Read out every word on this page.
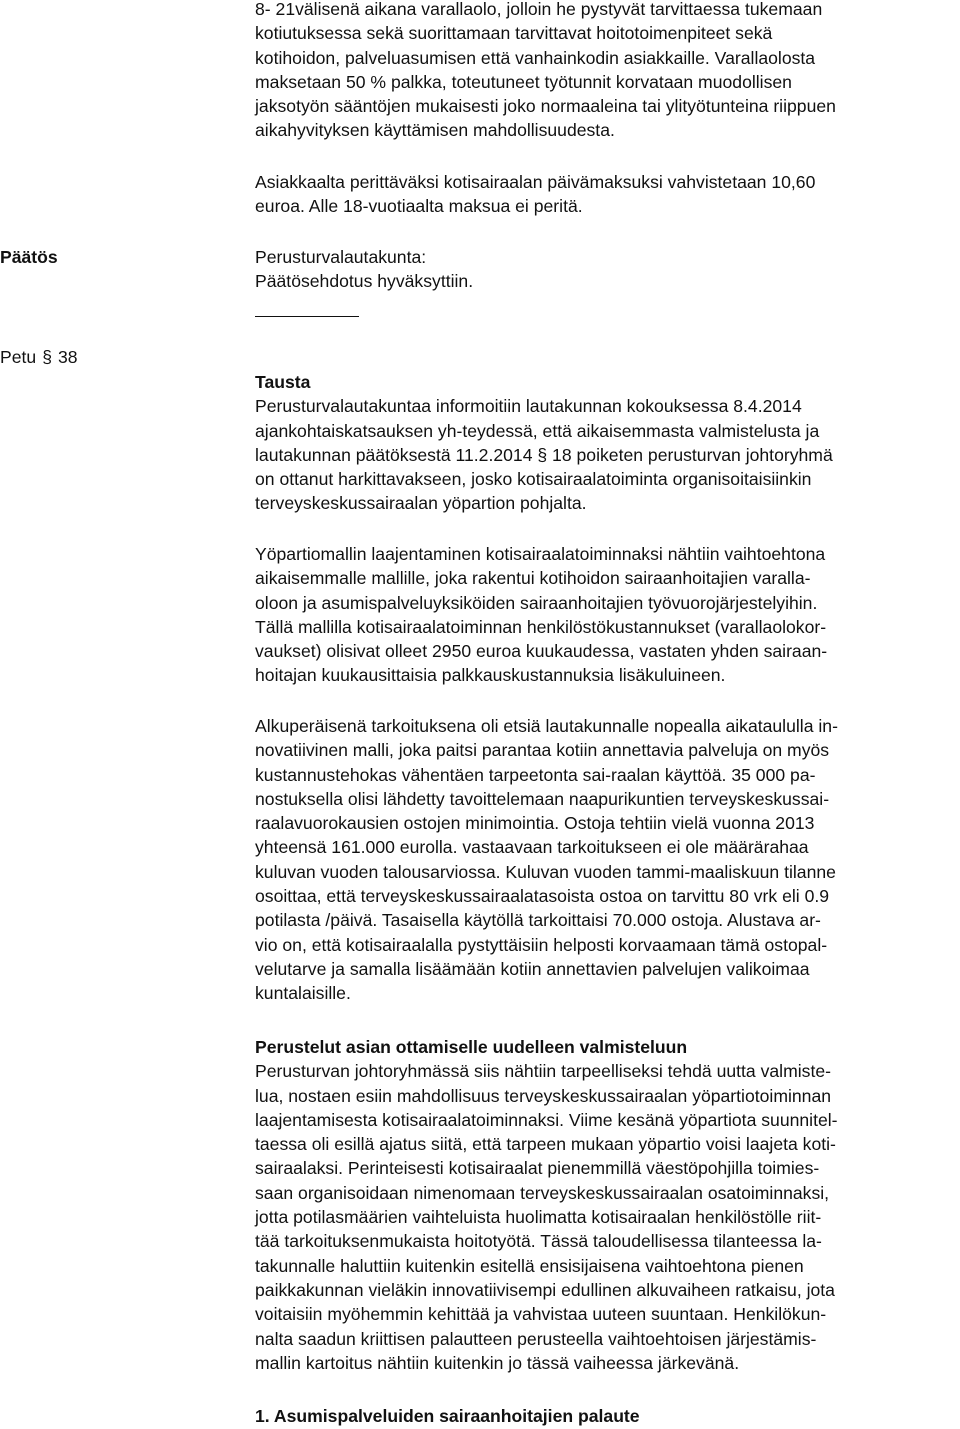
8- 21välisenä aikana varallaolo, jolloin he pystyvät tarvittaessa tukemaan
kotiutuksessa sekä suorittamaan tarvittavat hoitotoimenpiteet sekä
kotihoidon, palveluasumisen että vanhainkodin asiakkaille. Varallaolosta
maksetaan 50 % palkka, toteutuneet työtunnit korvataan muodollisen
jaksotyön sääntöjen mukaisesti joko normaaleina tai ylityötunteina riippuen
aikahyvityksen käyttämisen mahdollisuudesta.
Asiakkaalta perittäväksi kotisairaalan päivämaksuksi vahvistetaan 10,60
euroa. Alle 18-vuotiaalta maksua ei peritä.
Päätös	Perusturvalautakunta:
Päätösehdotus hyväksyttiin.
Petu § 38
Tausta
Perusturvalautakuntaa informoitiin lautakunnan kokouksessa 8.4.2014
ajankohtaiskatsauksen yh-teydessä, että aikaisemmasta valmistelusta ja
lautakunnan päätöksestä 11.2.2014 § 18 poiketen perusturvan johtoryhmä
on ottanut harkittavakseen, josko kotisairaalatoiminta organisoitaisiinkin
terveyskeskussairaalan yöpartion pohjalta.
Yöpartiomallin laajentaminen kotisairaalatoiminnaksi nähtiin vaihtoehtona
aikaisemmalle mallille, joka rakentui kotihoidon sairaanhoitajien varalla-
oloon ja asumispalveluyksiköiden sairaanhoitajien työvuorojärjestelyihin.
Tällä mallilla kotisairaalatoiminnan henkilöstökustannukset (varallaolokor-
vaukset) olisivat olleet 2950 euroa kuukaudessa, vastaten yhden sairaan-
hoitajan kuukausittaisia palkkauskustannuksia lisäkuluineen.
Alkuperäisenä tarkoituksena oli etsiä lautakunnalle nopealla aikataululla in-
novatiivinen malli, joka paitsi parantaa kotiin annettavia palveluja on myös
kustannustehokas vähentäen tarpeetonta sai-raalan käyttöä. 35 000 pa-
nostuksella olisi lähdetty tavoittelemaan naapurikuntien terveyskeskussai-
raalavuorokausien ostojen minimointia. Ostoja tehtiin vielä vuonna 2013
yhteensä 161.000 eurolla. vastaavaan tarkoitukseen ei ole määrärahaa
kuluvan vuoden talousarviossa. Kuluvan vuoden tammi-maaliskuun tilanne
osoittaa, että terveyskeskussairaalatasoista ostoa on tarvittu 80 vrk eli 0.9
potilasta /päivä. Tasaisella käytöllä tarkoittaisi 70.000 ostoja. Alustava ar-
vio on, että kotisairaalalla pystyttäisiin helposti korvaamaan tämä ostopal-
velutarve ja samalla lisäämään kotiin annettavien palvelujen valikoimaa
kuntalaisille.
Perustelut asian ottamiselle uudelleen valmisteluun
Perusturvan johtoryhmässä siis nähtiin tarpeelliseksi tehdä uutta valmiste-
lua, nostaen esiin mahdollisuus terveyskeskussairaalan yöpartiotoiminnan
laajentamisesta kotisairaalatoiminnaksi. Viime kesänä yöpartiota suunnitel-
taessa oli esillä ajatus siitä, että tarpeen mukaan yöpartio voisi laajeta koti-
sairaalaksi. Perinteisesti kotisairaalat pienemmillä väestöpohjilla toimies-
saan organisoidaan nimenomaan terveyskeskussairaalan osatoiminnaksi,
jotta potilasmäärien vaihteluista huolimatta kotisairaalan henkilöstölle riit-
tää tarkoituksenmukaista hoitotyötä. Tässä taloudellisessa tilanteessa la-
takunnalle haluttiin kuitenkin esitellä ensisijaisena vaihtoehtona pienen
paikkakunnan vieläkin innovatiivisempi edullinen alkuvaiheen ratkaisu, jota
voitaisiin myöhemmin kehittää ja vahvistaa uuteen suuntaan. Henkilökun-
nalta saadun kriittisen palautteen perusteella vaihtoehtoisen järjestämis-
mallin kartoitus nähtiin kuitenkin jo tässä vaiheessa järkevänä.
1. Asumispalveluiden sairaanhoitajien palaute
